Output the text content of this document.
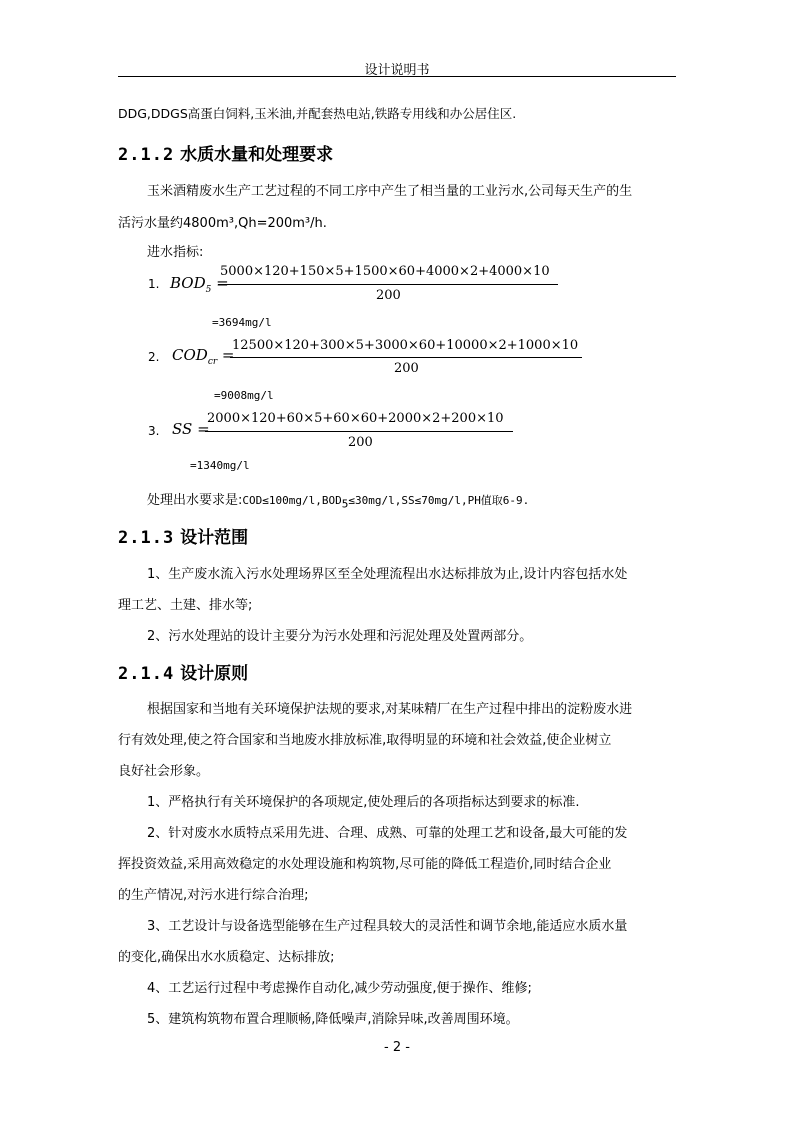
设计说明书
DDG,DDGS高蛋白饲料,玉米油,并配套热电站,铁路专用线和办公居住区.
2.1.2 水质水量和处理要求
玉米酒精废水生产工艺过程的不同工序中产生了相当量的工业污水,公司每天生产的生
活污水量约4800m³,Qh=200m³/h.
进水指标:
1. $BOD_5$ =
5000×120+150×5+1500×60+4000×2+4000×10
200
=3694mg/l
2. $COD_{cr}$ =
12500×120+300×5+3000×60+10000×2+1000×10
200
=9008mg/l
3. SS =
2000×120+60×5+60×60+2000×2+200×10
200
=1340mg/l
处理出水要求是$:COD\le 100mg/l,BOD_5\le 30mg/l,SS\le 70mg/l,PH$值取6-9.
2.1.3 设计范围
1、生产废水流入污水处理场界区至全处理流程出水达标排放为止,设计内容包括水处
理工艺、土建、排水等;
2、污水处理站的设计主要分为污水处理和污泥处理及处置两部分。
2.1.4 设计原则
根据国家和当地有关环境保护法规的要求,对某味精厂在生产过程中排出的淀粉废水进
行有效处理,使之符合国家和当地废水排放标准,取得明显的环境和社会效益,使企业树立
良好社会形象。
1、严格执行有关环境保护的各项规定,使处理后的各项指标达到要求的标准.
2、针对废水水质特点采用先进、合理、成熟、可靠的处理工艺和设备,最大可能的发
挥投资效益,采用高效稳定的水处理设施和构筑物,尽可能的降低工程造价,同时结合企业
的生产情况,对污水进行综合治理;
3、工艺设计与设备选型能够在生产过程具较大的灵活性和调节余地,能适应水质水量
的变化,确保出水水质稳定、达标排放;
4、工艺运行过程中考虑操作自动化,减少劳动强度,便于操作、维修;
5、建筑构筑物布置合理顺畅,降低噪声,消除异味,改善周围环境。
- 2 -
